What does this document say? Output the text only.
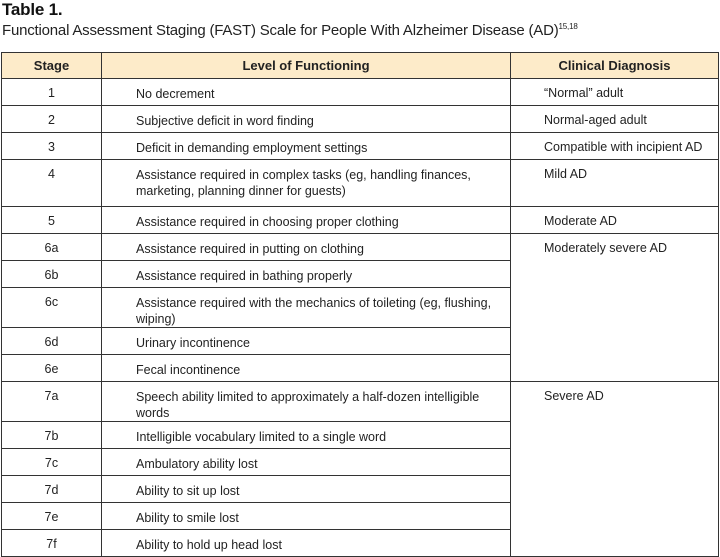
Table 1.
Functional Assessment Staging (FAST) Scale for People With Alzheimer Disease (AD)$^{15,18}$
Stage	Level of Functioning	Clinical Diagnosis
1	No decrement	“Normal” adult
2	Subjective deficit in word finding	Normal-aged adult
3	Deficit in demanding employment settings	Compatible with incipient AD
4	Assistance required in complex tasks (eg, handling finances, marketing, planning dinner for guests)	Mild AD
5	Assistance required in choosing proper clothing	Moderate AD
6a	Assistance required in putting on clothing	Moderately severe AD
6b	Assistance required in bathing properly	
6c	Assistance required with the mechanics of toileting (eg, flushing, wiping)	
6d	Urinary incontinence	
6e	Fecal incontinence	
7a	Speech ability limited to approximately a half-dozen intelligible words	Severe AD
7b	Intelligible vocabulary limited to a single word	
7c	Ambulatory ability lost	
7d	Ability to sit up lost	
7e	Ability to smile lost	
7f	Ability to hold up head lost	
